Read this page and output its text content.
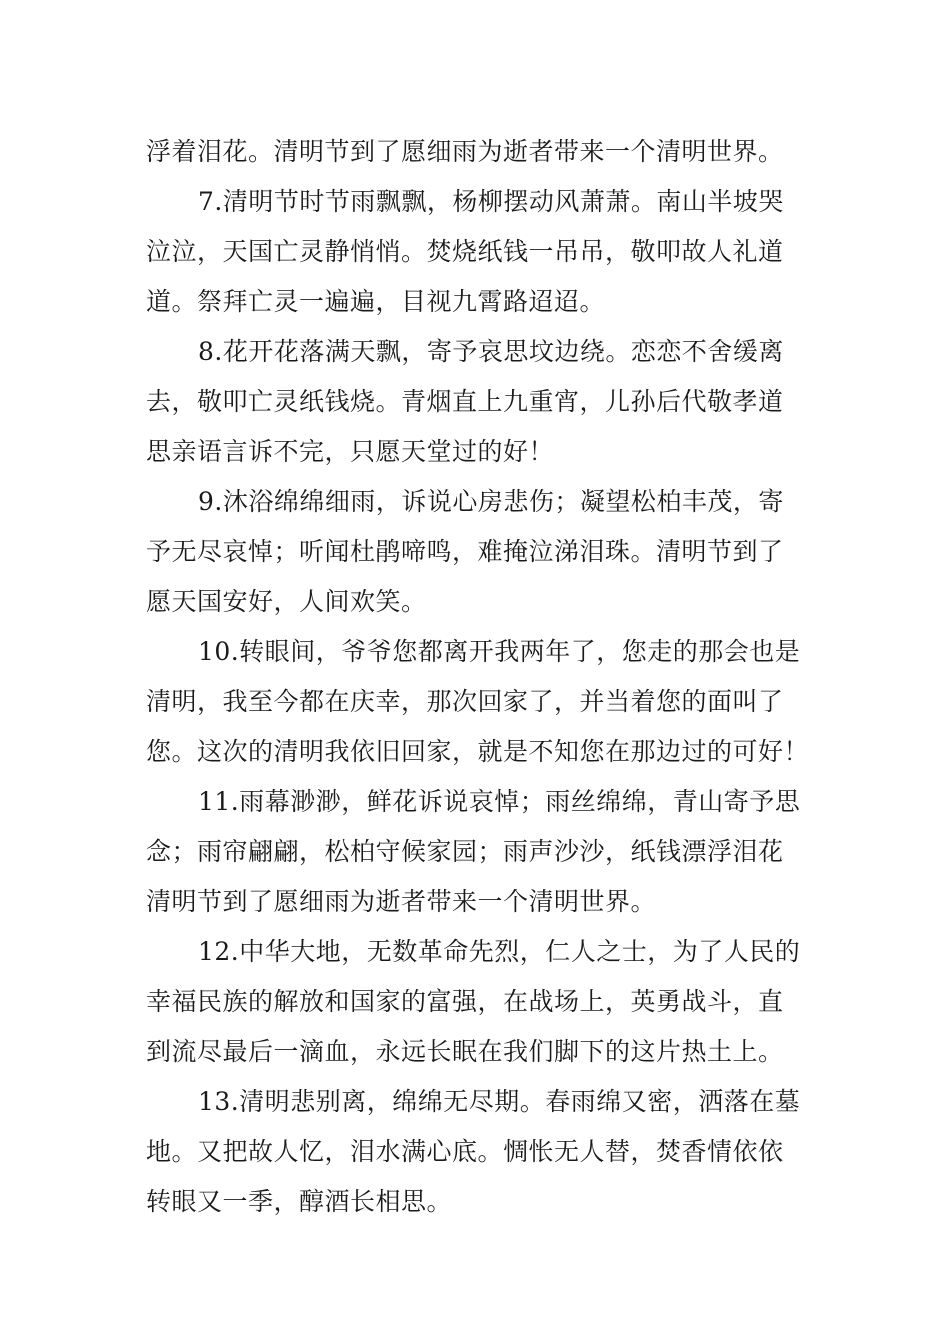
浮着泪花。清明节到了愿细雨为逝者带来一个清明世界。

7.清明节时节雨飘飘，杨柳摆动风萧萧。南山半坡哭
泣泣，天国亡灵静悄悄。焚烧纸钱一吊吊，敬叩故人礼道
道。祭拜亡灵一遍遍，目视九霄路迢迢。

8.花开花落满天飘，寄予哀思坟边绕。恋恋不舍缓离
去，敬叩亡灵纸钱烧。青烟直上九重宵，儿孙后代敬孝道
思亲语言诉不完，只愿天堂过的好！

9.沐浴绵绵细雨，诉说心房悲伤；凝望松柏丰茂，寄
予无尽哀悼；听闻杜鹃啼鸣，难掩泣涕泪珠。清明节到了
愿天国安好，人间欢笑。

10.转眼间，爷爷您都离开我两年了，您走的那会也是
清明，我至今都在庆幸，那次回家了，并当着您的面叫了
您。这次的清明我依旧回家，就是不知您在那边过的可好！

11.雨幕渺渺，鲜花诉说哀悼；雨丝绵绵，青山寄予思
念；雨帘翩翩，松柏守候家园；雨声沙沙，纸钱漂浮泪花
清明节到了愿细雨为逝者带来一个清明世界。

12.中华大地，无数革命先烈，仁人之士，为了人民的
幸福民族的解放和国家的富强，在战场上，英勇战斗，直
到流尽最后一滴血，永远长眠在我们脚下的这片热土上。

13.清明悲别离，绵绵无尽期。春雨绵又密，洒落在墓
地。又把故人忆，泪水满心底。惆怅无人替，焚香情依依
转眼又一季，醇酒长相思。
